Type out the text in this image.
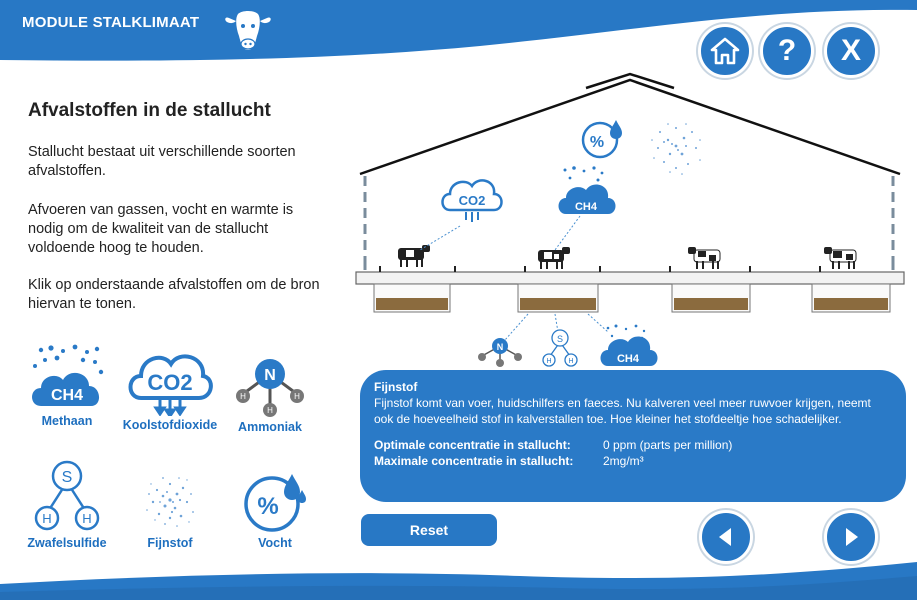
MODULE STALKLIMAAT
?	X
Afvalstoffen in de stallucht
Stallucht bestaat uit verschillende soorten afvalstoffen.
Afvoeren van gassen, vocht en warmte is nodig om de kwaliteit van de stallucht voldoende hoog te houden.
Klik op onderstaande afvalstoffen om de bron hiervan te tonen.
CH4
Methaan
CO2
Koolstofdioxide
N
H	H
H
Ammoniak
S
H H
Zwafelsulfide	Fijnstof
%
Vocht
CO2	CH4
%
N
S
H H	CH4
Fijnstof
Fijnstof komt van voer, huidschilfers en faeces. Nu kalveren veel meer ruwvoer krijgen, neemt ook de hoeveelheid stof in kalverstallen toe. Hoe kleiner het stofdeeltje hoe schadelijker.
Optimale concentratie in stallucht:	0 ppm (parts per million)
Maximale concentratie in stallucht:	2mg/m³
Reset
